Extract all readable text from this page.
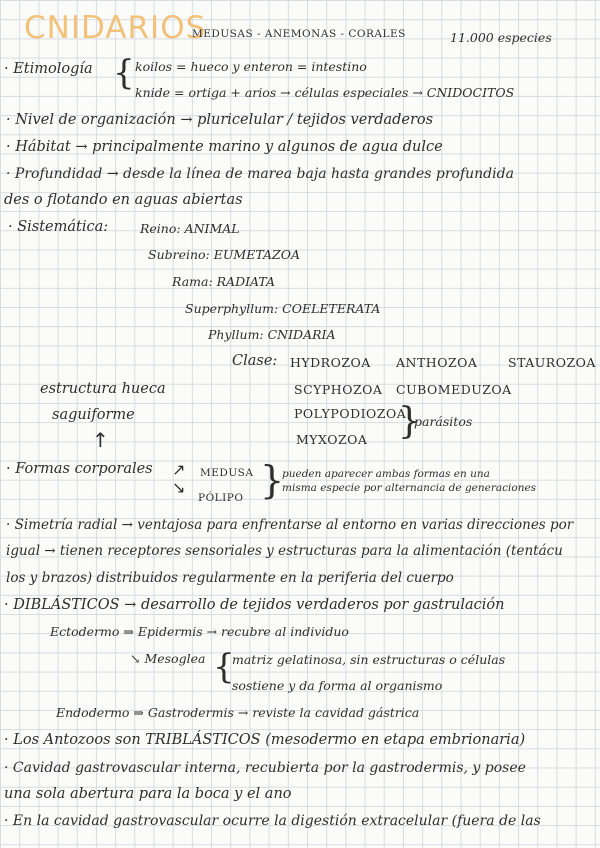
CNIDARIOS
MEDUSAS - ANEMONAS - CORALES	11.000 especies
· Etimología { koilos = hueco y enteron = intestino
knide = ortiga + arios → células especiales → CNIDOCITOS
· Nivel de organización → pluricelular / tejidos verdaderos
· Hábitat → principalmente marino y algunos de agua dulce
· Profundidad → desde la línea de marea baja hasta grandes profundida
des o flotando en aguas abiertas
· Sistemática:	Reino: ANIMAL
Subreino: EUMETAZOA
Rama: RADIATA
Superphyllum: COELETERATA
Phyllum: CNIDARIA
Clase: HYDROZOA ANTHOZOA STAUROZOA
SCYPHOZOA CUBOMEDUZOA
POLYPODIOZOA
MYXOZOA }
parásitos
estructura hueca
saguiforme
↑
· Formas corporales ↗
↘
MEDUSA
PÓLIPO }
pueden aparecer ambas formas en una
misma especie por alternancia de generaciones
· Simetría radial → ventajosa para enfrentarse al entorno en varias direcciones por
igual → tienen receptores sensoriales y estructuras para la alimentación (tentácu
los y brazos) distribuidos regularmente en la periferia del cuerpo
· DIBLÁSTICOS → desarrollo de tejidos verdaderos por gastrulación
Ectodermo ⇒ Epidermis → recubre al individuo
↘ Mesoglea {
matriz gelatinosa, sin estructuras o células
sostiene y da forma al organismo
Endodermo ⇒ Gastrodermis → reviste la cavidad gástrica
· Los Antozoos son TRIBLÁSTICOS (mesodermo en etapa embrionaria)
· Cavidad gastrovascular interna, recubierta por la gastrodermis, y posee
una sola abertura para la boca y el ano
· En la cavidad gastrovascular ocurre la digestión extracelular (fuera de las
